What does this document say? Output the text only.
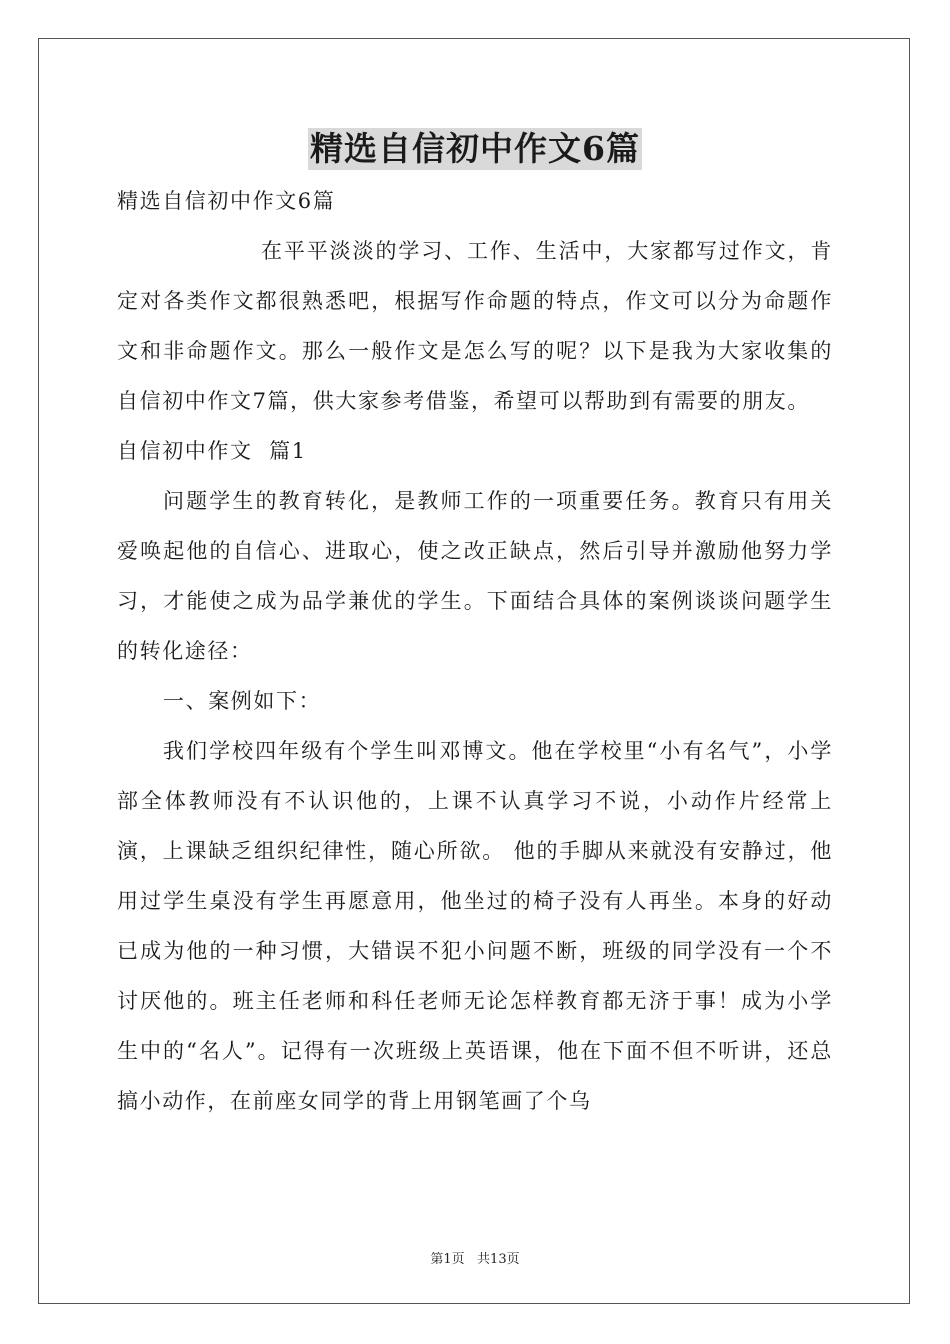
精选自信初中作文6篇

精选自信初中作文6篇

在平平淡淡的学习、工作、生活中，大家都写过作文，肯定对各类作文都很熟悉吧，根据写作命题的特点，作文可以分为命题作文和非命题作文。那么一般作文是怎么写的呢？以下是我为大家收集的自信初中作文7篇，供大家参考借鉴，希望可以帮助到有需要的朋友。

自信初中作文  篇1

问题学生的教育转化，是教师工作的一项重要任务。教育只有用关爱唤起他的自信心、进取心，使之改正缺点，然后引导并激励他努力学习，才能使之成为品学兼优的学生。下面结合具体的案例谈谈问题学生的转化途径：

一、案例如下：

我们学校四年级有个学生叫邓博文。他在学校里“小有名气”，小学部全体教师没有不认识他的，上课不认真学习不说，小动作片经常上演，上课缺乏组织纪律性，随心所欲。 他的手脚从来就没有安静过，他用过学生桌没有学生再愿意用，他坐过的椅子没有人再坐。本身的好动已成为他的一种习惯，大错误不犯小问题不断，班级的同学没有一个不讨厌他的。班主任老师和科任老师无论怎样教育都无济于事！成为小学生中的“名人”。记得有一次班级上英语课，他在下面不但不听讲，还总搞小动作，在前座女同学的背上用钢笔画了个乌

第1页   共13页
